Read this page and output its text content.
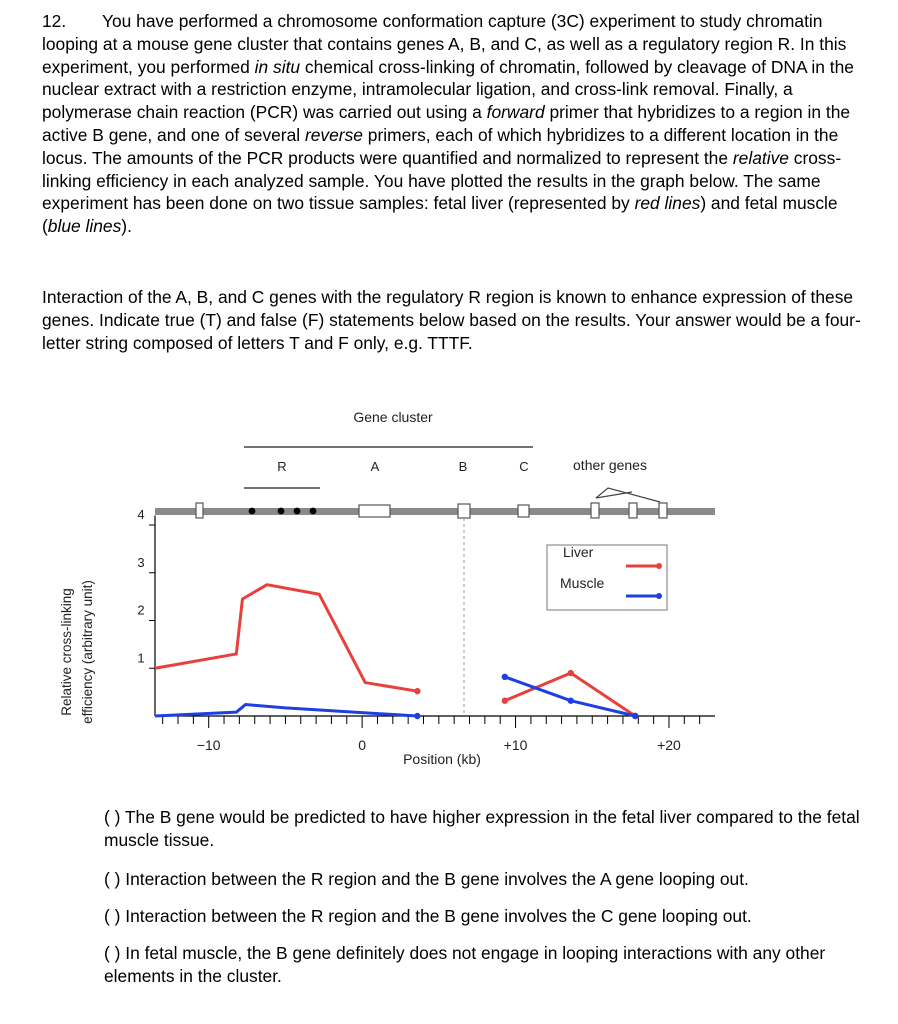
12. You have performed a chromosome conformation capture (3C) experiment to study chromatin looping at a mouse gene cluster that contains genes A, B, and C, as well as a regulatory region R. In this experiment, you performed in situ chemical cross-linking of chromatin, followed by cleavage of DNA in the nuclear extract with a restriction enzyme, intramolecular ligation, and cross-link removal. Finally, a polymerase chain reaction (PCR) was carried out using a forward primer that hybridizes to a region in the active B gene, and one of several reverse primers, each of which hybridizes to a different location in the locus. The amounts of the PCR products were quantified and normalized to represent the relative cross-linking efficiency in each analyzed sample. You have plotted the results in the graph below. The same experiment has been done on two tissue samples: fetal liver (represented by red lines) and fetal muscle (blue lines).

Interaction of the A, B, and C genes with the regulatory R region is known to enhance expression of these genes. Indicate true (T) and false (F) statements below based on the results. Your answer would be a four-letter string composed of letters T and F only, e.g. TTTF.

Gene cluster
R	A	B	C	other genes
Relative cross-linking efficiency (arbitrary unit)
Position (kb)
−10	0	+10	+20
1
2
3
4
Liver
Muscle

( ) The B gene would be predicted to have higher expression in the fetal liver compared to the fetal muscle tissue.

( ) Interaction between the R region and the B gene involves the A gene looping out.

( ) Interaction between the R region and the B gene involves the C gene looping out.

( ) In fetal muscle, the B gene definitely does not engage in looping interactions with any other elements in the cluster.
